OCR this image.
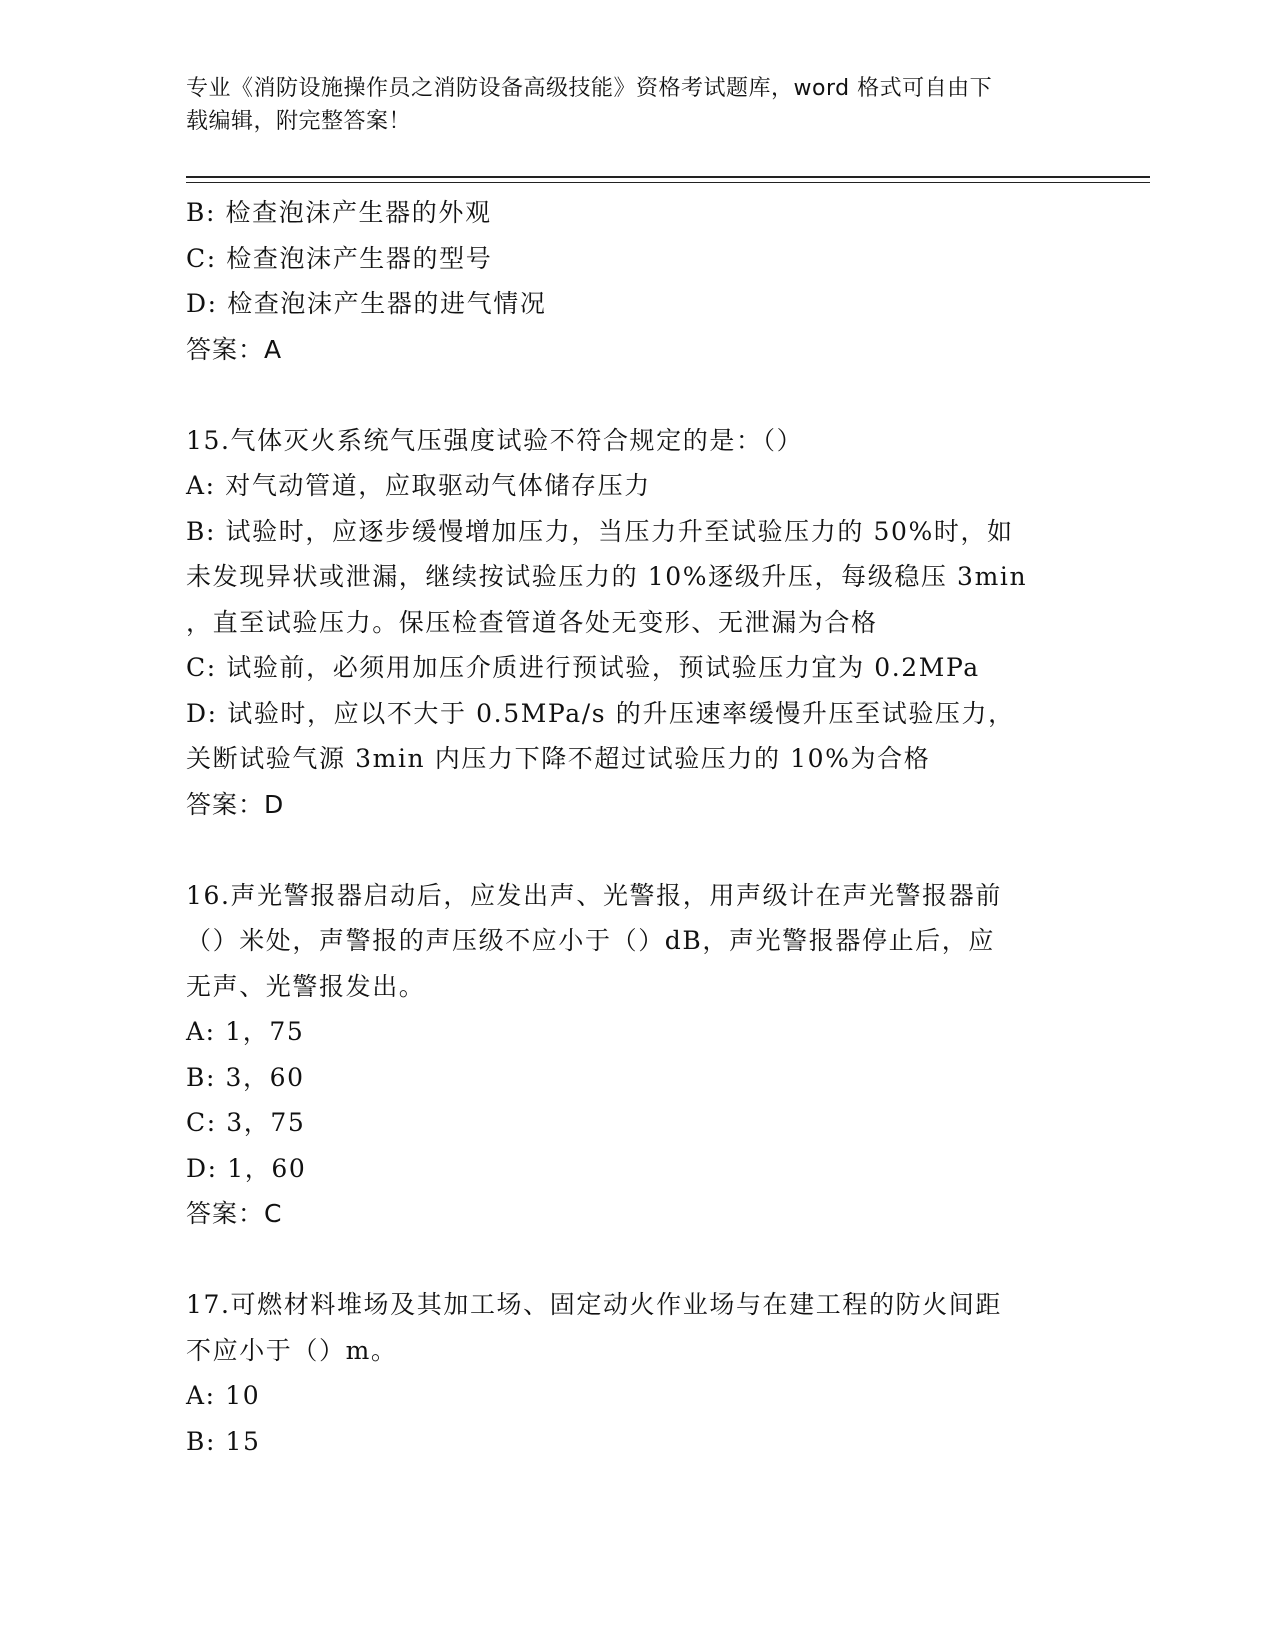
专业《消防设施操作员之消防设备高级技能》资格考试题库，word 格式可自由下
载编辑，附完整答案！
B: 检查泡沫产生器的外观
C: 检查泡沫产生器的型号
D: 检查泡沫产生器的进气情况
答案：A
15.气体灭火系统气压强度试验不符合规定的是：（）
A: 对气动管道，应取驱动气体储存压力
B: 试验时，应逐步缓慢增加压力，当压力升至试验压力的 50%时，如
未发现异状或泄漏，继续按试验压力的 10%逐级升压，每级稳压 3min
，直至试验压力。保压检查管道各处无变形、无泄漏为合格
C: 试验前，必须用加压介质进行预试验，预试验压力宜为 0.2MPa
D: 试验时，应以不大于 0.5MPa/s 的升压速率缓慢升压至试验压力，
关断试验气源 3min 内压力下降不超过试验压力的 10%为合格
答案：D
16.声光警报器启动后，应发出声、光警报，用声级计在声光警报器前
（）米处，声警报的声压级不应小于（）dB，声光警报器停止后，应
无声、光警报发出。
A: 1，75
B: 3，60
C: 3，75
D: 1，60
答案：C
17.可燃材料堆场及其加工场、固定动火作业场与在建工程的防火间距
不应小于（）m。
A: 10
B: 15
